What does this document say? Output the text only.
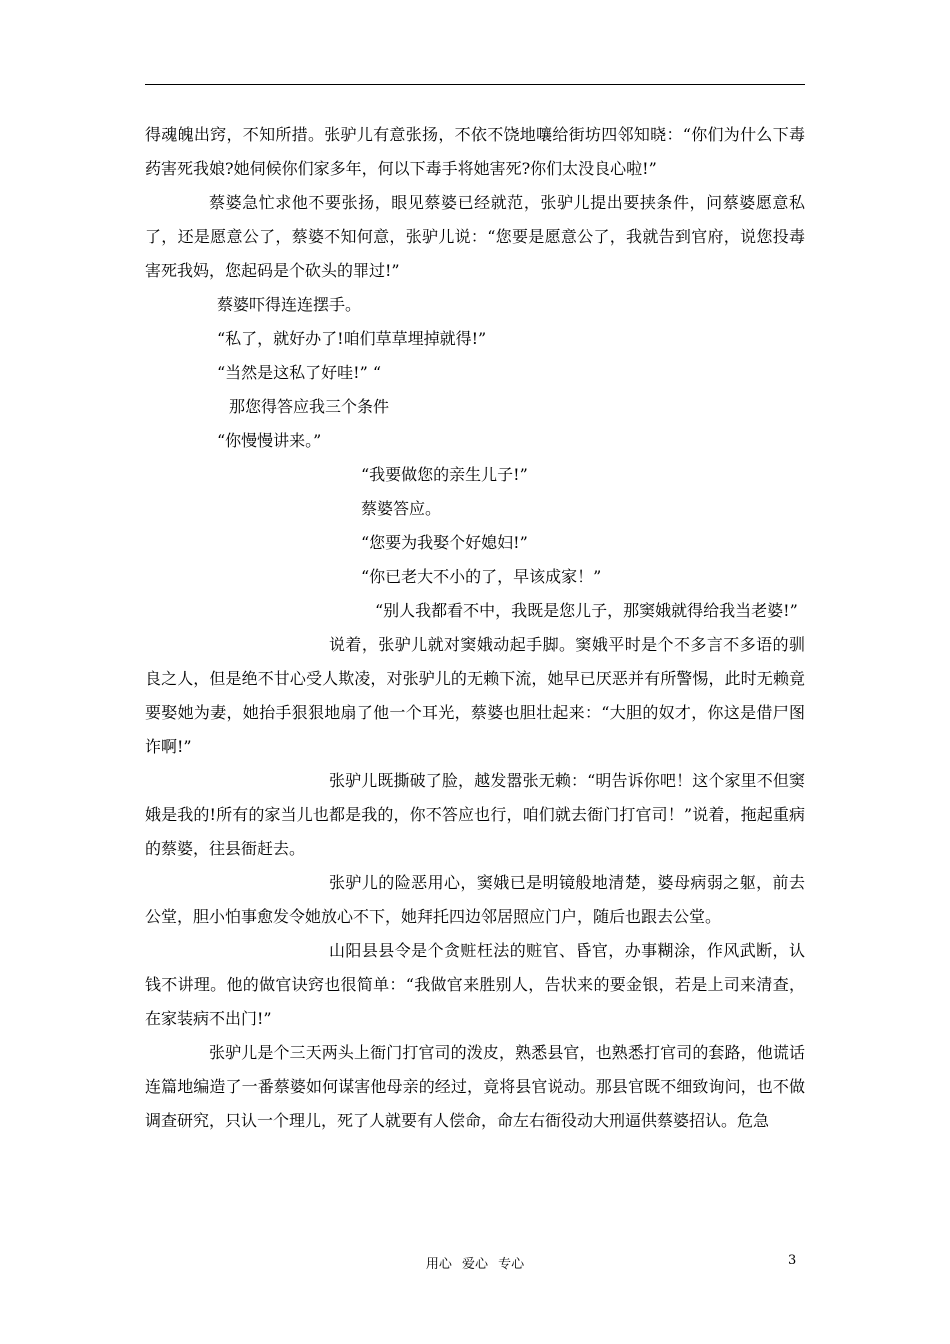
得魂魄出窍，不知所措。张驴儿有意张扬，不依不饶地嚷给街坊四邻知晓：“你们为什么下毒药害死我娘?她伺候你们家多年，何以下毒手将她害死?你们太没良心啦!”

蔡婆急忙求他不要张扬，眼见蔡婆已经就范，张驴儿提出要挟条件，问蔡婆愿意私了，还是愿意公了，蔡婆不知何意，张驴儿说：“您要是愿意公了，我就告到官府，说您投毒害死我妈，您起码是个砍头的罪过!”

蔡婆吓得连连摆手。

“私了，就好办了!咱们草草埋掉就得!”

“当然是这私了好哇!” “

那您得答应我三个条件

“你慢慢讲来。”

“我要做您的亲生儿子!”

蔡婆答应。

“您要为我娶个好媳妇!”

“你已老大不小的了，早该成家！”

“别人我都看不中，我既是您儿子，那窦娥就得给我当老婆!”

说着，张驴儿就对窦娥动起手脚。窦娥平时是个不多言不多语的驯良之人，但是绝不甘心受人欺凌，对张驴儿的无赖下流，她早已厌恶并有所警惕，此时无赖竟要娶她为妻，她抬手狠狠地扇了他一个耳光，蔡婆也胆壮起来：“大胆的奴才，你这是借尸图诈啊!”

张驴儿既撕破了脸，越发嚣张无赖：“明告诉你吧！这个家里不但窦娥是我的!所有的家当儿也都是我的，你不答应也行，咱们就去衙门打官司！”说着，拖起重病的蔡婆，往县衙赶去。

张驴儿的险恶用心，窦娥已是明镜般地清楚，婆母病弱之躯，前去公堂，胆小怕事愈发令她放心不下，她拜托四边邻居照应门户，随后也跟去公堂。

山阳县县令是个贪赃枉法的赃官、昏官，办事糊涂，作风武断，认钱不讲理。他的做官诀窍也很简单：“我做官来胜别人，告状来的要金银，若是上司来清查，在家装病不出门!”

张驴儿是个三天两头上衙门打官司的泼皮，熟悉县官，也熟悉打官司的套路，他谎话连篇地编造了一番蔡婆如何谋害他母亲的经过，竟将县官说动。那县官既不细致询问，也不做调查研究，只认一个理儿，死了人就要有人偿命，命左右衙役动大刑逼供蔡婆招认。危急

用心 爱心 专心	3
